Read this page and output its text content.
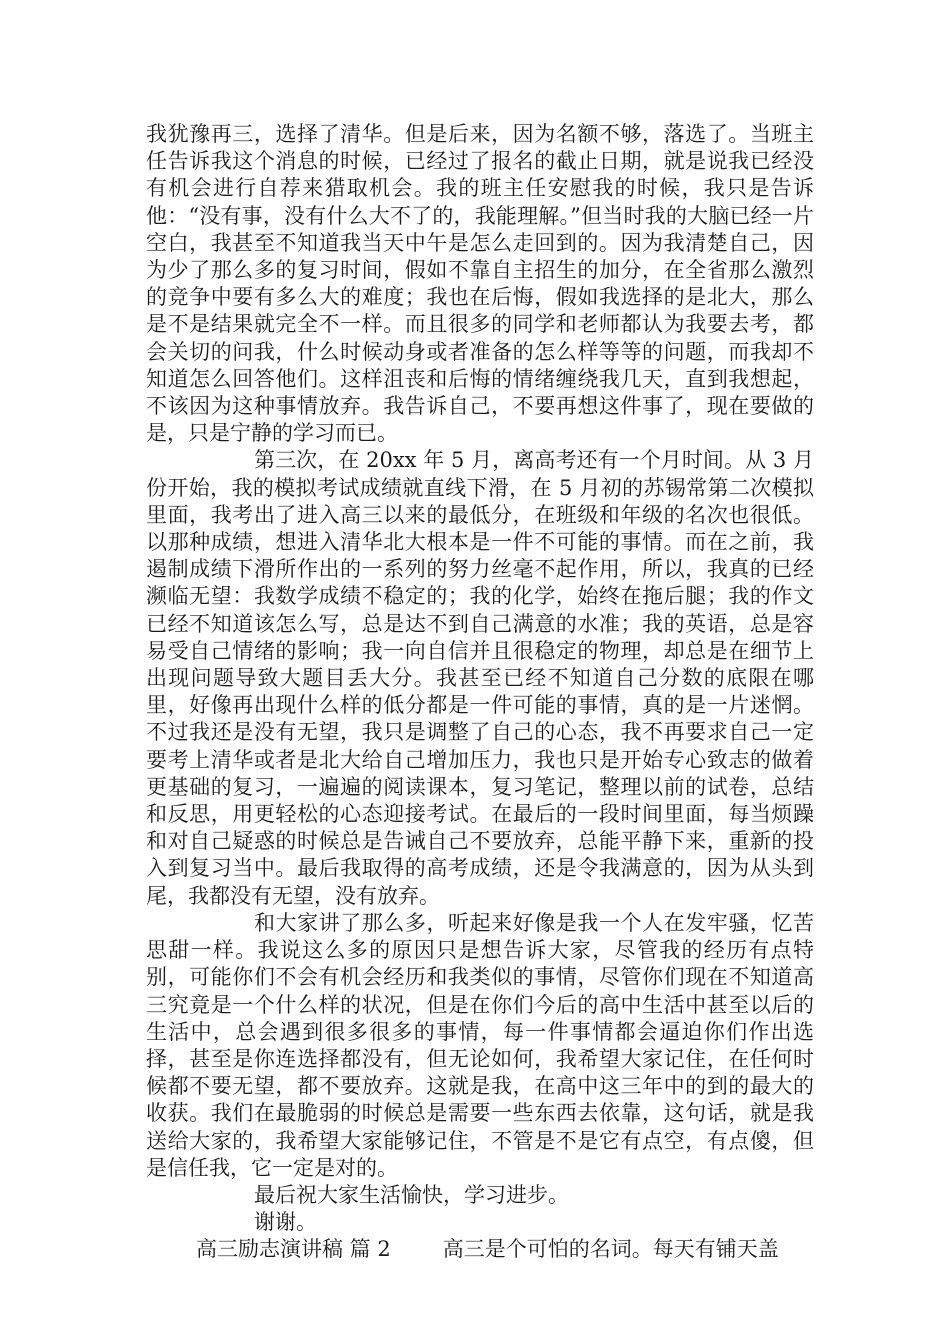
我犹豫再三，选择了清华。但是后来，因为名额不够，落选了。当班主任告诉我这个消息的时候，已经过了报名的截止日期，就是说我已经没有机会进行自荐来猎取机会。我的班主任安慰我的时候，我只是告诉他：“没有事，没有什么大不了的，我能理解。”但当时我的大脑已经一片空白，我甚至不知道我当天中午是怎么走回到的。因为我清楚自己，因为少了那么多的复习时间，假如不靠自主招生的加分，在全省那么激烈的竞争中要有多么大的难度；我也在后悔，假如我选择的是北大，那么是不是结果就完全不一样。而且很多的同学和老师都认为我要去考，都会关切的问我，什么时候动身或者准备的怎么样等等的问题，而我却不知道怎么回答他们。这样沮丧和后悔的情绪缠绕我几天，直到我想起，不该因为这种事情放弃。我告诉自己，不要再想这件事了，现在要做的是，只是宁静的学习而已。

第三次，在 20xx 年 5 月，离高考还有一个月时间。从 3 月份开始，我的模拟考试成绩就直线下滑，在 5 月初的苏锡常第二次模拟里面，我考出了进入高三以来的最低分，在班级和年级的名次也很低。以那种成绩，想进入清华北大根本是一件不可能的事情。而在之前，我遏制成绩下滑所作出的一系列的努力丝毫不起作用，所以，我真的已经濒临无望：我数学成绩不稳定的；我的化学，始终在拖后腿；我的作文已经不知道该怎么写，总是达不到自己满意的水准；我的英语，总是容易受自己情绪的影响；我一向自信并且很稳定的物理，却总是在细节上出现问题导致大题目丢大分。我甚至已经不知道自己分数的底限在哪里，好像再出现什么样的低分都是一件可能的事情，真的是一片迷惘。不过我还是没有无望，我只是调整了自己的心态，我不再要求自己一定要考上清华或者是北大给自己增加压力，我也只是开始专心致志的做着更基础的复习，一遍遍的阅读课本，复习笔记，整理以前的试卷，总结和反思，用更轻松的心态迎接考试。在最后的一段时间里面，每当烦躁和对自己疑惑的时候总是告诫自己不要放弃，总能平静下来，重新的投入到复习当中。最后我取得的高考成绩，还是令我满意的，因为从头到尾，我都没有无望，没有放弃。

和大家讲了那么多，听起来好像是我一个人在发牢骚，忆苦思甜一样。我说这么多的原因只是想告诉大家，尽管我的经历有点特别，可能你们不会有机会经历和我类似的事情，尽管你们现在不知道高三究竟是一个什么样的状况，但是在你们今后的高中生活中甚至以后的生活中，总会遇到很多很多的事情，每一件事情都会逼迫你们作出选择，甚至是你连选择都没有，但无论如何，我希望大家记住，在任何时候都不要无望，都不要放弃。这就是我，在高中这三年中的到的最大的收获。我们在最脆弱的时候总是需要一些东西去依靠，这句话，就是我送给大家的，我希望大家能够记住，不管是不是它有点空，有点傻，但是信任我，它一定是对的。

最后祝大家生活愉快，学习进步。

谢谢。

高三励志演讲稿 篇 2 高三是个可怕的名词。每天有铺天盖
